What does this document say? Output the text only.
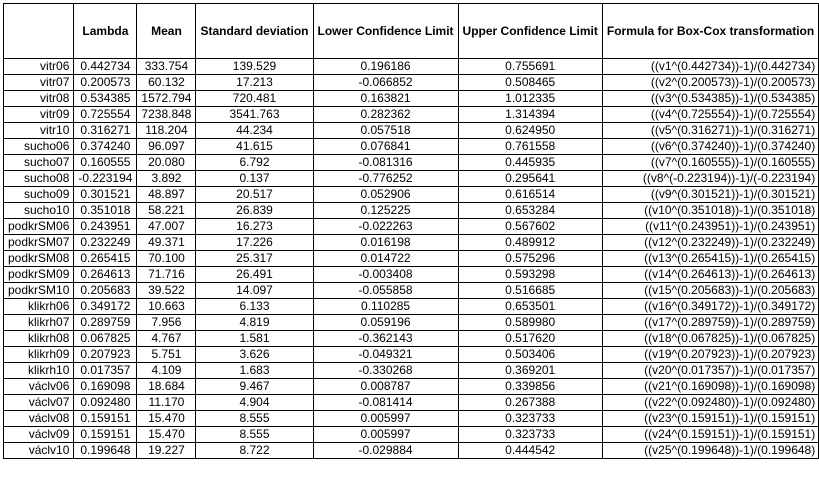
	Lambda	Mean	Standard deviation	Lower Confidence Limit	Upper Confidence Limit	Formula for Box-Cox transformation
vitr06	0.442734	333.754	139.529	0.196186	0.755691	((v1^(0.442734))-1)/(0.442734)
vitr07	0.200573	60.132	17.213	-0.066852	0.508465	((v2^(0.200573))-1)/(0.200573)
vitr08	0.534385	1572.794	720.481	0.163821	1.012335	((v3^(0.534385))-1)/(0.534385)
vitr09	0.725554	7238.848	3541.763	0.282362	1.314394	((v4^(0.725554))-1)/(0.725554)
vitr10	0.316271	118.204	44.234	0.057518	0.624950	((v5^(0.316271))-1)/(0.316271)
sucho06	0.374240	96.097	41.615	0.076841	0.761558	((v6^(0.374240))-1)/(0.374240)
sucho07	0.160555	20.080	6.792	-0.081316	0.445935	((v7^(0.160555))-1)/(0.160555)
sucho08	-0.223194	3.892	0.137	-0.776252	0.295641	((v8^(-0.223194))-1)/(-0.223194)
sucho09	0.301521	48.897	20.517	0.052906	0.616514	((v9^(0.301521))-1)/(0.301521)
sucho10	0.351018	58.221	26.839	0.125225	0.653284	((v10^(0.351018))-1)/(0.351018)
podkrSM06	0.243951	47.007	16.273	-0.022263	0.567602	((v11^(0.243951))-1)/(0.243951)
podkrSM07	0.232249	49.371	17.226	0.016198	0.489912	((v12^(0.232249))-1)/(0.232249)
podkrSM08	0.265415	70.100	25.317	0.014722	0.575296	((v13^(0.265415))-1)/(0.265415)
podkrSM09	0.264613	71.716	26.491	-0.003408	0.593298	((v14^(0.264613))-1)/(0.264613)
podkrSM10	0.205683	39.522	14.097	-0.055858	0.516685	((v15^(0.205683))-1)/(0.205683)
klikrh06	0.349172	10.663	6.133	0.110285	0.653501	((v16^(0.349172))-1)/(0.349172)
klikrh07	0.289759	7.956	4.819	0.059196	0.589980	((v17^(0.289759))-1)/(0.289759)
klikrh08	0.067825	4.767	1.581	-0.362143	0.517620	((v18^(0.067825))-1)/(0.067825)
klikrh09	0.207923	5.751	3.626	-0.049321	0.503406	((v19^(0.207923))-1)/(0.207923)
klikrh10	0.017357	4.109	1.683	-0.330268	0.369201	((v20^(0.017357))-1)/(0.017357)
václv06	0.169098	18.684	9.467	0.008787	0.339856	((v21^(0.169098))-1)/(0.169098)
václv07	0.092480	11.170	4.904	-0.081414	0.267388	((v22^(0.092480))-1)/(0.092480)
václv08	0.159151	15.470	8.555	0.005997	0.323733	((v23^(0.159151))-1)/(0.159151)
václv09	0.159151	15.470	8.555	0.005997	0.323733	((v24^(0.159151))-1)/(0.159151)
václv10	0.199648	19.227	8.722	-0.029884	0.444542	((v25^(0.199648))-1)/(0.199648)
